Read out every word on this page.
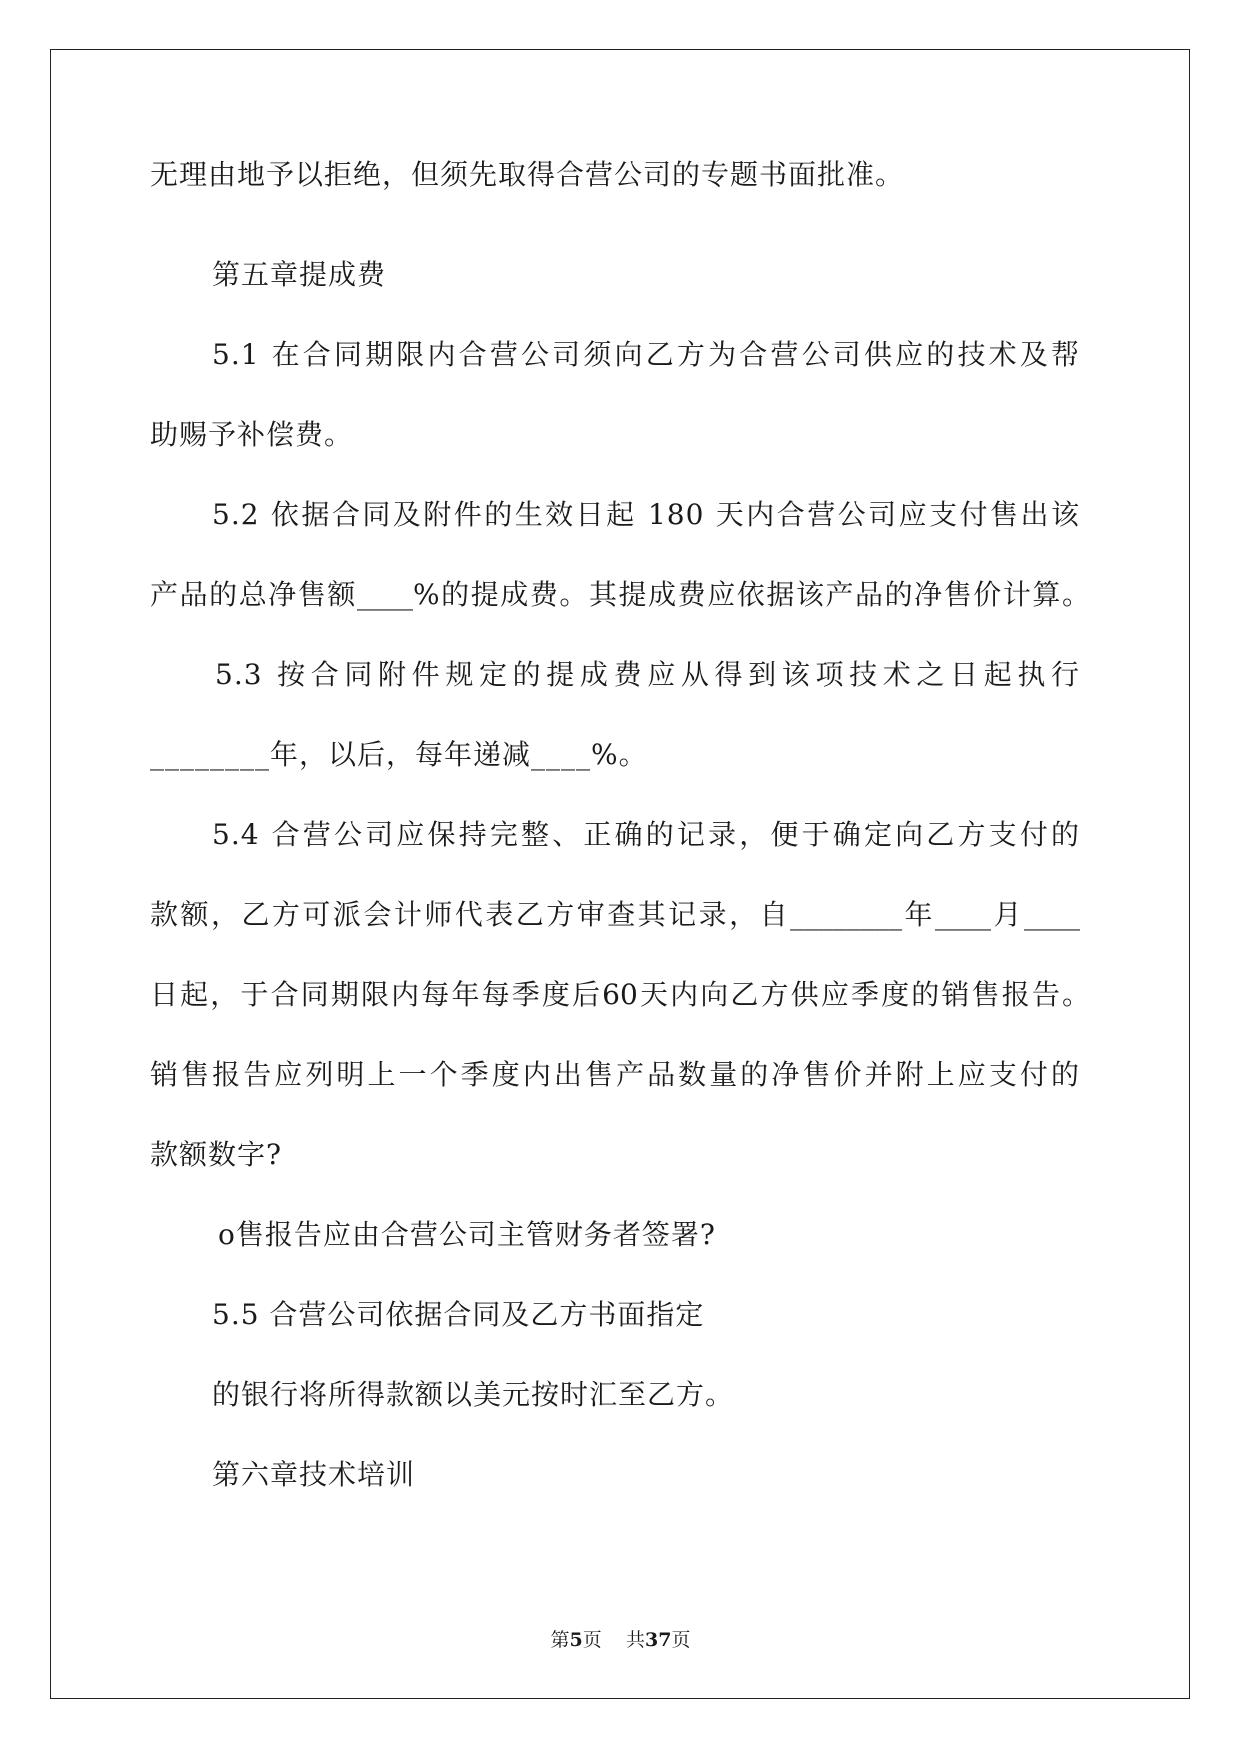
无理由地予以拒绝，但须先取得合营公司的专题书面批准。
第五章提成费
5.1 在合同期限内合营公司须向乙方为合营公司供应的技术及帮
助赐予补偿费。
5.2 依据合同及附件的生效日起 180 天内合营公司应支付售出该
产品的总净售额____%的提成费。其提成费应依据该产品的净售价计算。
5.3 按合同附件规定的提成费应从得到该项技术之日起执行
________年，以后，每年递减____%。
5.4 合营公司应保持完整、正确的记录，便于确定向乙方支付的
款额，乙方可派会计师代表乙方审查其记录，自________年____月____
日起，于合同期限内每年每季度后60天内向乙方供应季度的销售报告。
销售报告应列明上一个季度内出售产品数量的净售价并附上应支付的
款额数字?
o售报告应由合营公司主管财务者签署?
5.5 合营公司依据合同及乙方书面指定
的银行将所得款额以美元按时汇至乙方。
第六章技术培训
第5页 共37页
